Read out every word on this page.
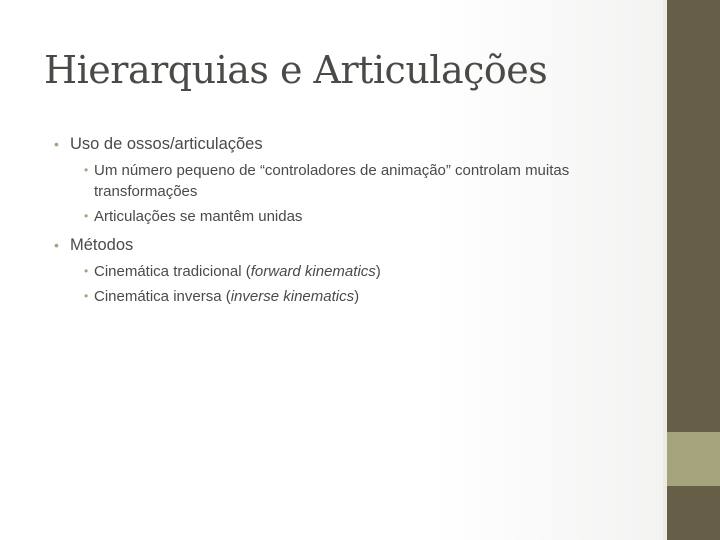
Hierarquias e Articulações
• Uso de ossos/articulações
• Um número pequeno de “controladores de animação” controlam muitas transformações
• Articulações se mantêm unidas
• Métodos
• Cinemática tradicional (forward kinematics)
• Cinemática inversa (inverse kinematics)
